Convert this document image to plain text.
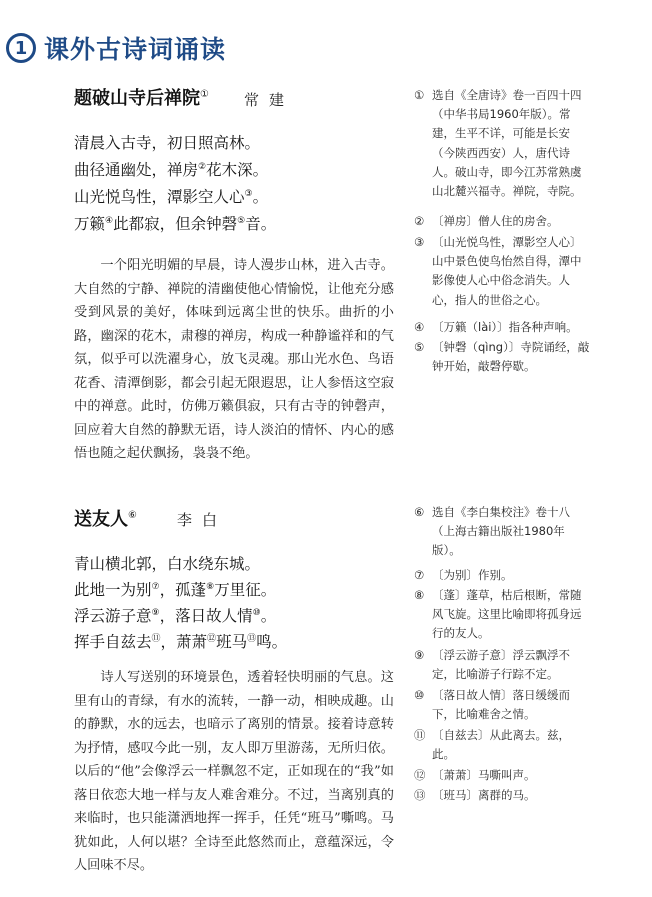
1 课外古诗词诵读
题破山寺后禅院① 常建
清晨入古寺，初日照高林。
曲径通幽处，禅房②花木深。
山光悦鸟性，潭影空人心③。
万籁④此都寂，但余钟磬⑤音。

一个阳光明媚的早晨，诗人漫步山林，进入古寺。大自然的宁静、禅院的清幽使他心情愉悦，让他充分感受到风景的美好，体味到远离尘世的快乐。曲折的小路，幽深的花木，肃穆的禅房，构成一种静谧祥和的气氛，似乎可以洗濯身心，放飞灵魂。那山光水色、鸟语花香、清潭倒影，都会引起无限遐思，让人参悟这空寂中的禅意。此时，仿佛万籁俱寂，只有古寺的钟磬声，回应着大自然的静默无语，诗人淡泊的情怀、内心的感悟也随之起伏飘扬，袅袅不绝。

① 选自《全唐诗》卷一百四十四（中华书局1960年版）。常建，生平不详，可能是长安（今陕西西安）人，唐代诗人。破山寺，即今江苏常熟虞山北麓兴福寺。禅院，寺院。
② 〔禅房〕僧人住的房舍。
③ 〔山光悦鸟性，潭影空人心〕山中景色使鸟怡然自得，潭中影像使人心中俗念消失。人心，指人的世俗之心。
④ 〔万籁（lài）〕指各种声响。
⑤ 〔钟磬（qìng）〕寺院诵经，敲钟开始，敲磬停歇。
送友人⑥	李白
青山横北郭，白水绕东城。
此地一为别⑦，孤蓬⑧万里征。
浮云游子意⑨，落日故人情⑩。
挥手自兹去⑪，萧萧⑫班马⑬鸣。

诗人写送别的环境景色，透着轻快明丽的气息。这里有山的青绿，有水的流转，一静一动，相映成趣。山的静默，水的远去，也暗示了离别的情景。接着诗意转为抒情，感叹今此一别，友人即万里游荡，无所归依。以后的“他”会像浮云一样飘忽不定，正如现在的“我”如落日依恋大地一样与友人难舍难分。不过，当离别真的来临时，也只能潇洒地挥一挥手，任凭“班马”嘶鸣。马犹如此，人何以堪？全诗至此悠然而止，意蕴深远，令人回味不尽。

⑥ 选自《李白集校注》卷十八（上海古籍出版社1980年版）。
⑦ 〔为别〕作别。
⑧ 〔蓬〕蓬草，枯后根断，常随风飞旋。这里比喻即将孤身远行的友人。
⑨ 〔浮云游子意〕浮云飘浮不定，比喻游子行踪不定。
⑩ 〔落日故人情〕落日缓缓而下，比喻难舍之情。
⑪ 〔自兹去〕从此离去。兹，此。
⑫ 〔萧萧〕马嘶叫声。
⑬ 〔班马〕离群的马。
